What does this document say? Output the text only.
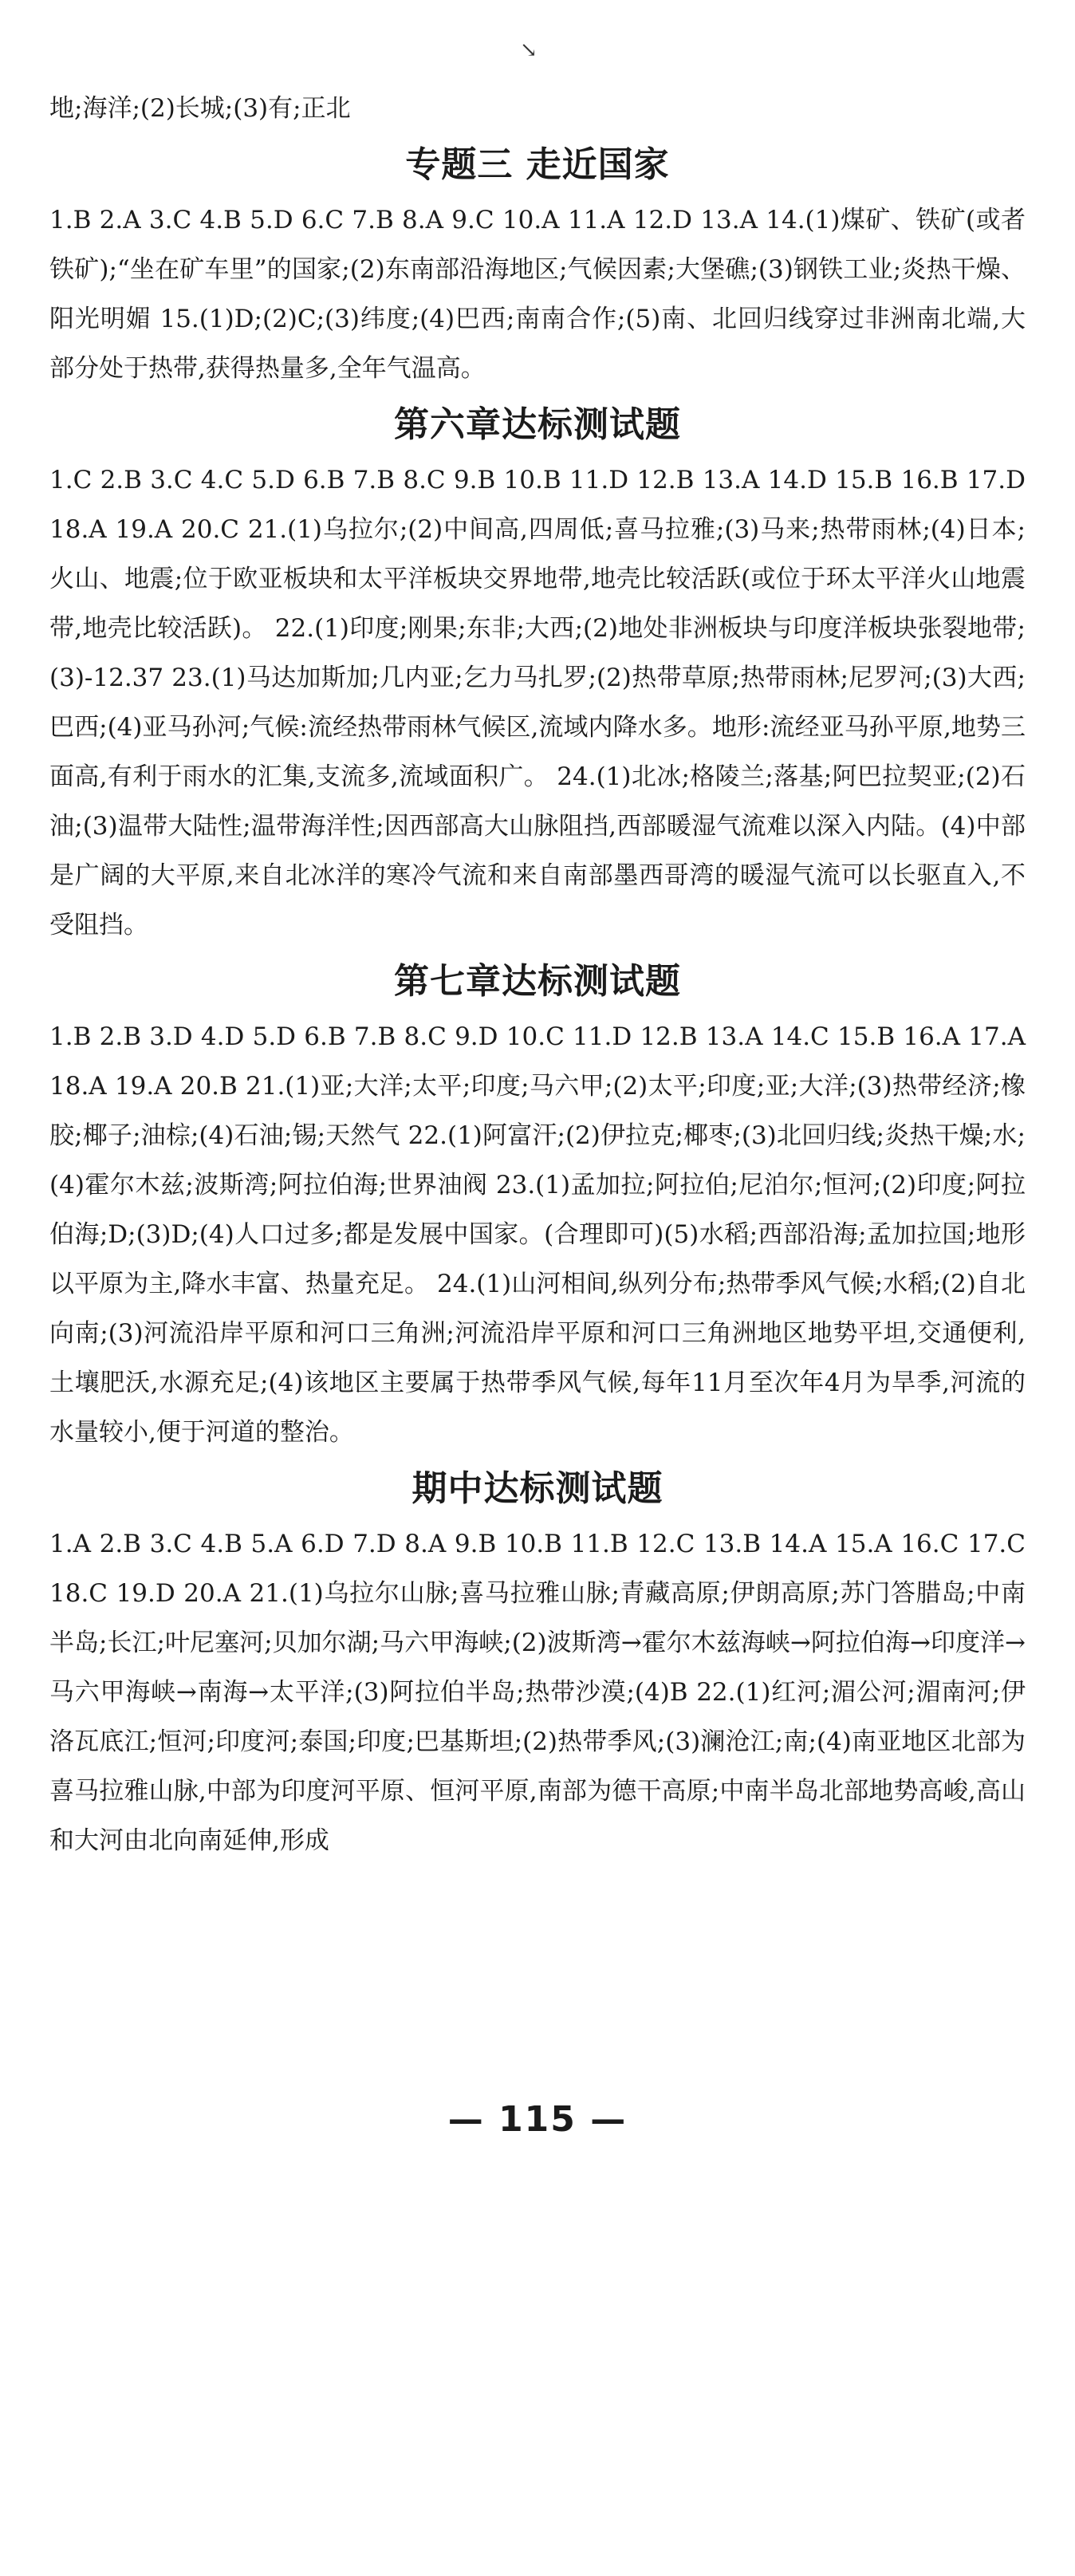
↘

地;海洋;(2)长城;(3)有;正北

专题三 走近国家

1.B 2.A 3.C 4.B 5.D 6.C 7.B 8.A 9.C 10.A 11.A 12.D 13.A 14.(1)煤矿、铁矿(或者铁矿);“坐在矿车里”的国家;(2)东南部沿海地区;气候因素;大堡礁;(3)钢铁工业;炎热干燥、阳光明媚 15.(1)D;(2)C;(3)纬度;(4)巴西;南南合作;(5)南、北回归线穿过非洲南北端,大部分处于热带,获得热量多,全年气温高。

第六章达标测试题

1.C 2.B 3.C 4.C 5.D 6.B 7.B 8.C 9.B 10.B 11.D 12.B 13.A 14.D 15.B 16.B 17.D 18.A 19.A 20.C 21.(1)乌拉尔;(2)中间高,四周低;喜马拉雅;(3)马来;热带雨林;(4)日本;火山、地震;位于欧亚板块和太平洋板块交界地带,地壳比较活跃(或位于环太平洋火山地震带,地壳比较活跃)。 22.(1)印度;刚果;东非;大西;(2)地处非洲板块与印度洋板块张裂地带;(3)-12.37 23.(1)马达加斯加;几内亚;乞力马扎罗;(2)热带草原;热带雨林;尼罗河;(3)大西;巴西;(4)亚马孙河;气候:流经热带雨林气候区,流域内降水多。地形:流经亚马孙平原,地势三面高,有利于雨水的汇集,支流多,流域面积广。 24.(1)北冰;格陵兰;落基;阿巴拉契亚;(2)石油;(3)温带大陆性;温带海洋性;因西部高大山脉阻挡,西部暖湿气流难以深入内陆。(4)中部是广阔的大平原,来自北冰洋的寒冷气流和来自南部墨西哥湾的暖湿气流可以长驱直入,不受阻挡。

第七章达标测试题

1.B 2.B 3.D 4.D 5.D 6.B 7.B 8.C 9.D 10.C 11.D 12.B 13.A 14.C 15.B 16.A 17.A 18.A 19.A 20.B 21.(1)亚;大洋;太平;印度;马六甲;(2)太平;印度;亚;大洋;(3)热带经济;橡胶;椰子;油棕;(4)石油;锡;天然气 22.(1)阿富汗;(2)伊拉克;椰枣;(3)北回归线;炎热干燥;水;(4)霍尔木兹;波斯湾;阿拉伯海;世界油阀 23.(1)孟加拉;阿拉伯;尼泊尔;恒河;(2)印度;阿拉伯海;D;(3)D;(4)人口过多;都是发展中国家。(合理即可)(5)水稻;西部沿海;孟加拉国;地形以平原为主,降水丰富、热量充足。 24.(1)山河相间,纵列分布;热带季风气候;水稻;(2)自北向南;(3)河流沿岸平原和河口三角洲;河流沿岸平原和河口三角洲地区地势平坦,交通便利,土壤肥沃,水源充足;(4)该地区主要属于热带季风气候,每年11月至次年4月为旱季,河流的水量较小,便于河道的整治。

期中达标测试题

1.A 2.B 3.C 4.B 5.A 6.D 7.D 8.A 9.B 10.B 11.B 12.C 13.B 14.A 15.A 16.C 17.C 18.C 19.D 20.A 21.(1)乌拉尔山脉;喜马拉雅山脉;青藏高原;伊朗高原;苏门答腊岛;中南半岛;长江;叶尼塞河;贝加尔湖;马六甲海峡;(2)波斯湾→霍尔木兹海峡→阿拉伯海→印度洋→马六甲海峡→南海→太平洋;(3)阿拉伯半岛;热带沙漠;(4)B 22.(1)红河;湄公河;湄南河;伊洛瓦底江;恒河;印度河;泰国;印度;巴基斯坦;(2)热带季风;(3)澜沧江;南;(4)南亚地区北部为喜马拉雅山脉,中部为印度河平原、恒河平原,南部为德干高原;中南半岛北部地势高峻,高山和大河由北向南延伸,形成

— 115 —
